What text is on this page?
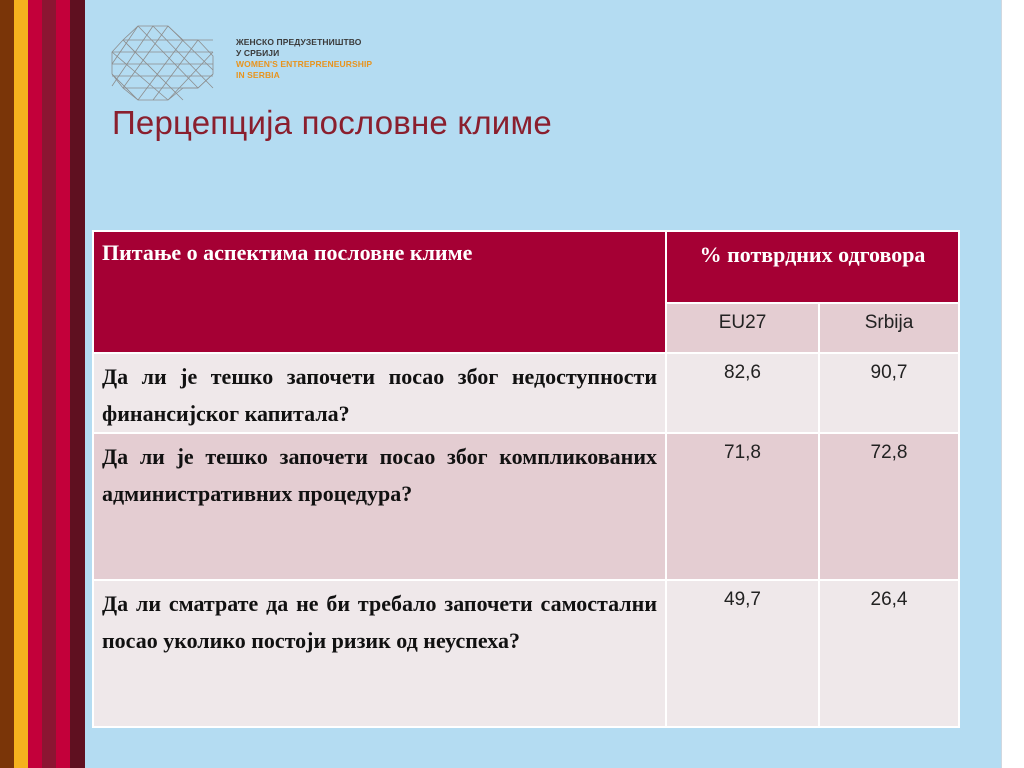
ЖЕНСКО ПРЕДУЗЕТНИШТВО
У СРБИЈИ
WOMEN'S ENTREPRENEURSHIP
IN SERBIA
Перцепција пословне климе
Питање о аспектима пословне климе	% потврдних одговора	
	EU27	Srbija
Да ли је тешко започети посао због недоступности финансијског капитала?	82,6	90,7
Да ли је тешко започети посао због компликованих административних процедура?	71,8	72,8
Да ли сматрате да не би требало започети самостални посао уколико постоји ризик од неуспеха?	49,7	26,4
